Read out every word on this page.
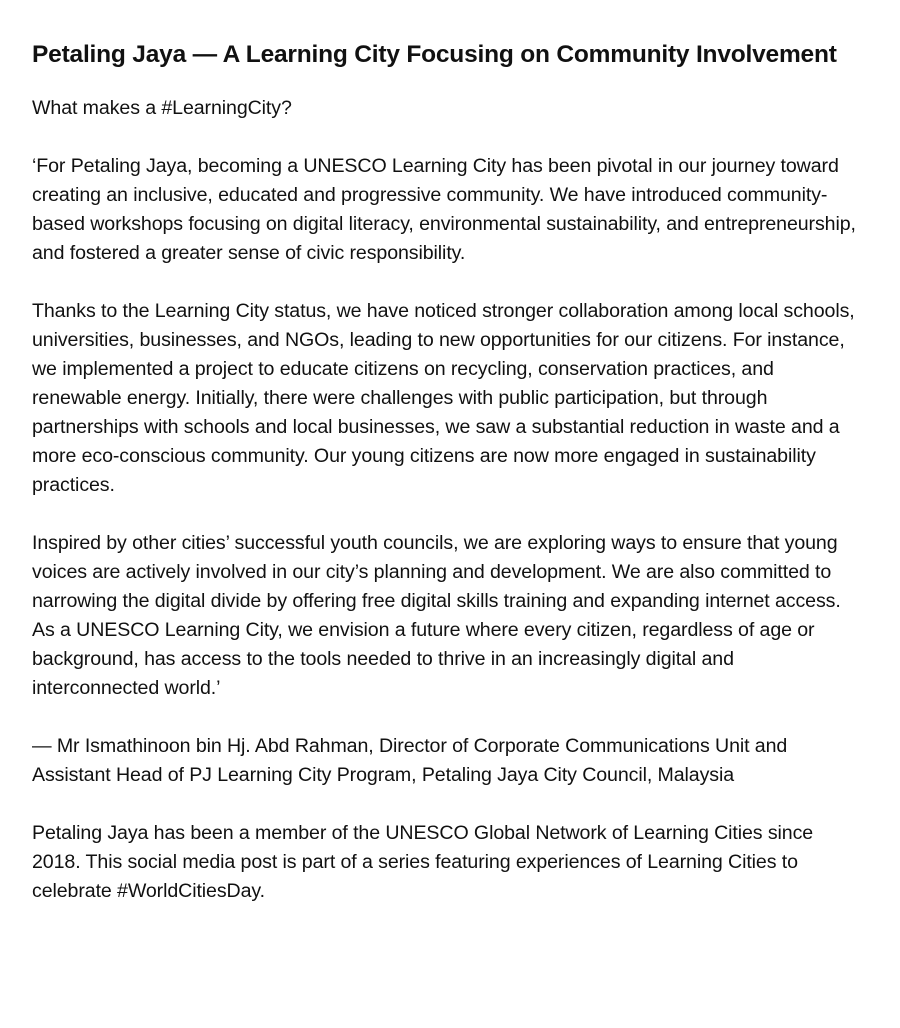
Petaling Jaya — A Learning City Focusing on Community Involvement

What makes a #LearningCity?

‘For Petaling Jaya, becoming a UNESCO Learning City has been pivotal in our journey toward creating an inclusive, educated and progressive community. We have introduced community-based workshops focusing on digital literacy, environmental sustainability, and entrepreneurship, and fostered a greater sense of civic responsibility.

Thanks to the Learning City status, we have noticed stronger collaboration among local schools, universities, businesses, and NGOs, leading to new opportunities for our citizens. For instance, we implemented a project to educate citizens on recycling, conservation practices, and renewable energy. Initially, there were challenges with public participation, but through partnerships with schools and local businesses, we saw a substantial reduction in waste and a more eco-conscious community. Our young citizens are now more engaged in sustainability practices.

Inspired by other cities’ successful youth councils, we are exploring ways to ensure that young voices are actively involved in our city’s planning and development. We are also committed to narrowing the digital divide by offering free digital skills training and expanding internet access. As a UNESCO Learning City, we envision a future where every citizen, regardless of age or background, has access to the tools needed to thrive in an increasingly digital and interconnected world.’

— Mr Ismathinoon bin Hj. Abd Rahman, Director of Corporate Communications Unit and Assistant Head of PJ Learning City Program, Petaling Jaya City Council, Malaysia

Petaling Jaya has been a member of the UNESCO Global Network of Learning Cities since 2018. This social media post is part of a series featuring experiences of Learning Cities to celebrate #WorldCitiesDay.
